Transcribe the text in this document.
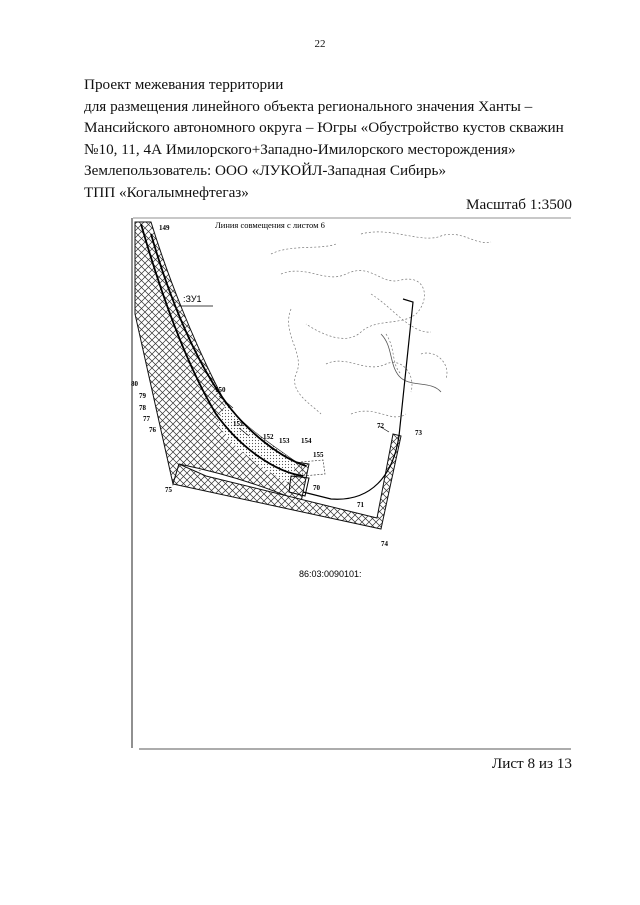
22
Проект межевания территории
для размещения линейного объекта регионального значения Ханты –
Мансийского автономного округа – Югры «Обустройство кустов скважин
№10, 11, 4А Имилорского+Западно-Имилорского месторождения»
Землепользователь: ООО «ЛУКОЙЛ-Западная Сибирь»
ТПП «Когалымнефтегаз»
Масштаб 1:3500
Линия совмещения с листом 6
:ЗУ1
86:03:0090101:
149
80
79
78
77
76
75
150
151
152 153 154
155
70
71
72
73
74
Лист 8 из 13
